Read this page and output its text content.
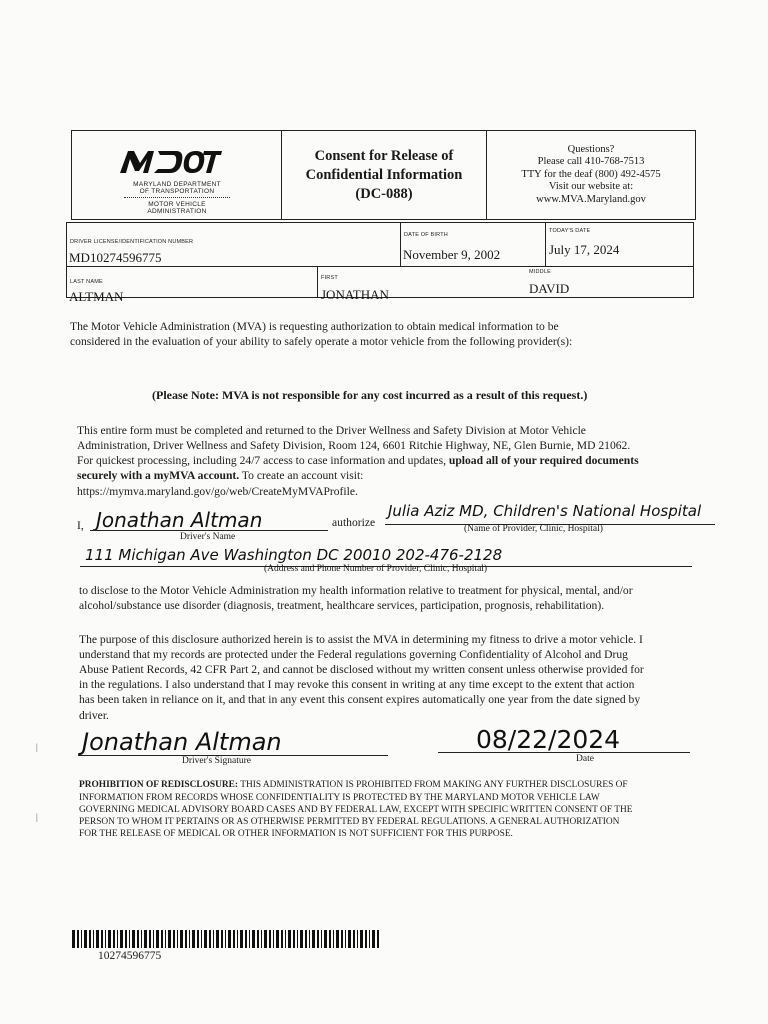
MARYLAND DEPARTMENT
OF TRANSPORTATION
MOTOR VEHICLE
ADMINISTRATION
Consent for Release of
Confidential Information
(DC-088)
Questions?
Please call 410-768-7513
TTY for the deaf (800) 492-4575
Visit our website at:
www.MVA.Maryland.gov
DRIVER LICENSE/IDENTIFICATION NUMBER
MD10274596775
DATE OF BIRTH
November 9, 2002
TODAY'S DATE
July 17, 2024
LAST NAME
ALTMAN
FIRST
JONATHAN
MIDDLE
DAVID
The Motor Vehicle Administration (MVA) is requesting authorization to obtain medical information to be
considered in the evaluation of your ability to safely operate a motor vehicle from the following provider(s):
(Please Note: MVA is not responsible for any cost incurred as a result of this request.)
This entire form must be completed and returned to the Driver Wellness and Safety Division at Motor Vehicle
Administration, Driver Wellness and Safety Division, Room 124, 6601 Ritchie Highway, NE, Glen Burnie, MD 21062.
For quickest processing, including 24/7 access to case information and updates, upload all of your required documents
securely with a myMVA account. To create an account visit:
https://mymva.maryland.gov/go/web/CreateMyMVAProfile.
I, Jonathan Altman
Driver's Name
authorize
Julia Aziz MD, Children's National Hospital
(Name of Provider, Clinic, Hospital)
111 Michigan Ave Washington DC 20010 202-476-2128
(Address and Phone Number of Provider, Clinic, Hospital)
to disclose to the Motor Vehicle Administration my health information relative to treatment for physical, mental, and/or
alcohol/substance use disorder (diagnosis, treatment, healthcare services, participation, prognosis, rehabilitation).
The purpose of this disclosure authorized herein is to assist the MVA in determining my fitness to drive a motor vehicle. I
understand that my records are protected under the Federal regulations governing Confidentiality of Alcohol and Drug
Abuse Patient Records, 42 CFR Part 2, and cannot be disclosed without my written consent unless otherwise provided for
in the regulations. I also understand that I may revoke this consent in writing at any time except to the extent that action
has been taken in reliance on it, and that in any event this consent expires automatically one year from the date signed by
driver.
Jonathan Altman
Driver's Signature
08/22/2024
Date
PROHIBITION OF REDISCLOSURE: THIS ADMINISTRATION IS PROHIBITED FROM MAKING ANY FURTHER DISCLOSURES OF
INFORMATION FROM RECORDS WHOSE CONFIDENTIALITY IS PROTECTED BY THE MARYLAND MOTOR VEHICLE LAW
GOVERNING MEDICAL ADVISORY BOARD CASES AND BY FEDERAL LAW, EXCEPT WITH SPECIFIC WRITTEN CONSENT OF THE
PERSON TO WHOM IT PERTAINS OR AS OTHERWISE PERMITTED BY FEDERAL REGULATIONS. A GENERAL AUTHORIZATION
FOR THE RELEASE OF MEDICAL OR OTHER INFORMATION IS NOT SUFFICIENT FOR THIS PURPOSE.
|
|
10274596775
